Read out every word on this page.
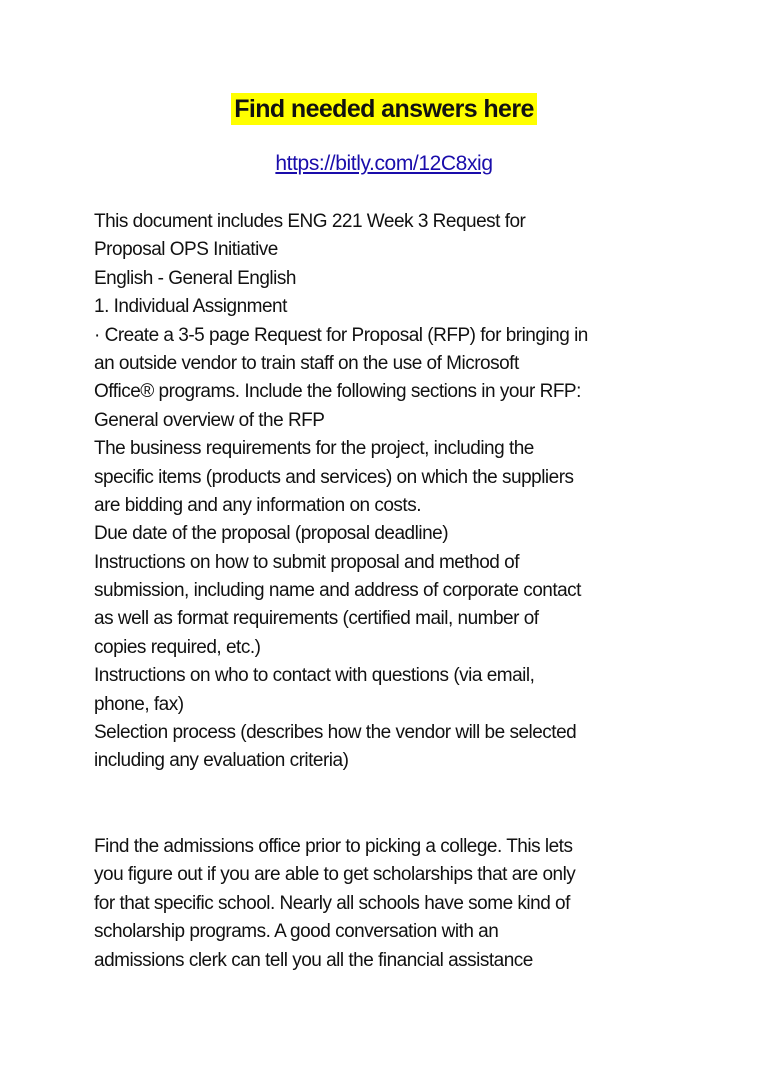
Find needed answers here
https://bitly.com/12C8xig
This document includes ENG 221 Week 3 Request for
Proposal OPS Initiative
English - General English
1. Individual Assignment
· Create a 3-5 page Request for Proposal (RFP) for bringing in
an outside vendor to train staff on the use of Microsoft
Office® programs. Include the following sections in your RFP:
General overview of the RFP
The business requirements for the project, including the
specific items (products and services) on which the suppliers
are bidding and any information on costs.
Due date of the proposal (proposal deadline)
Instructions on how to submit proposal and method of
submission, including name and address of corporate contact
as well as format requirements (certified mail, number of
copies required, etc.)
Instructions on who to contact with questions (via email,
phone, fax)
Selection process (describes how the vendor will be selected
including any evaluation criteria)
Find the admissions office prior to picking a college. This lets
you figure out if you are able to get scholarships that are only
for that specific school. Nearly all schools have some kind of
scholarship programs. A good conversation with an
admissions clerk can tell you all the financial assistance
